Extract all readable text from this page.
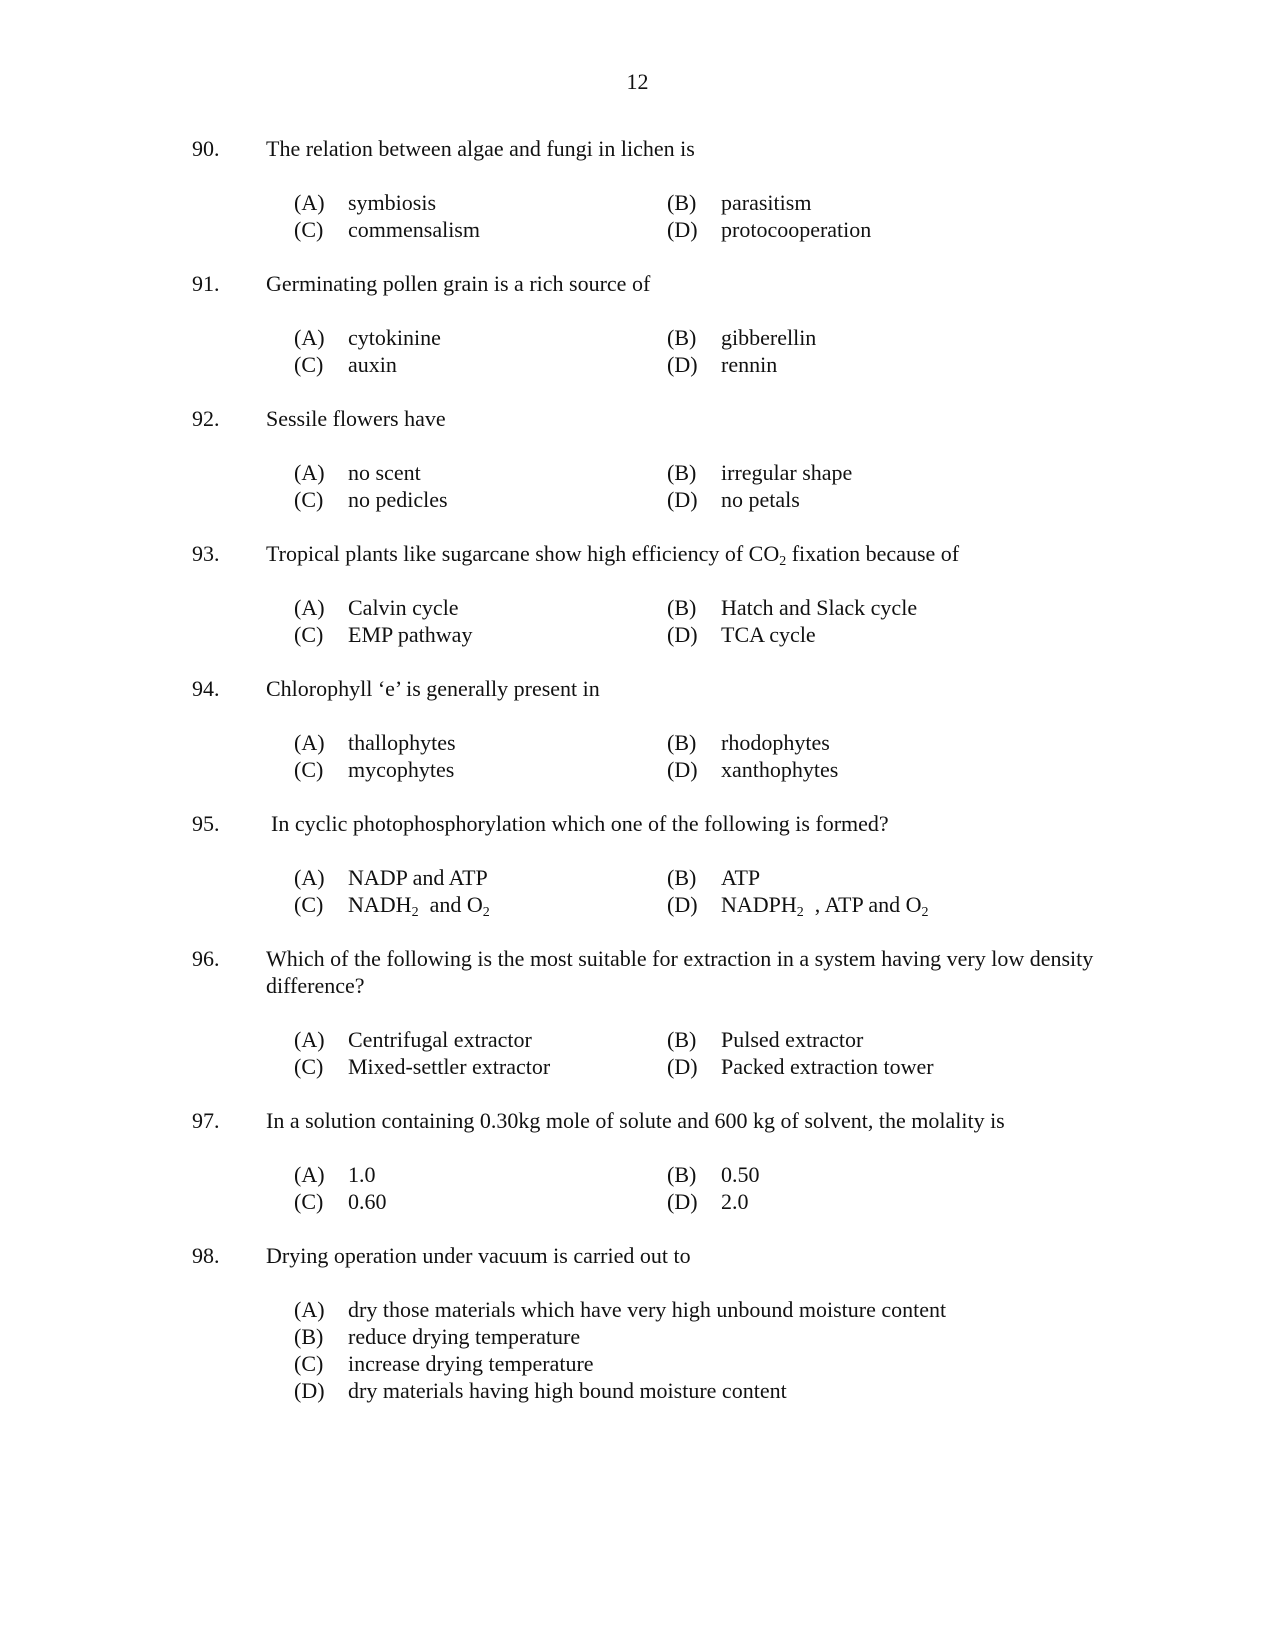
12
90. The relation between algae and fungi in lichen is
(A) symbiosis	(B) parasitism
(C) commensalism	(D) protocooperation
91. Germinating pollen grain is a rich source of
(A) cytokinine	(B) gibberellin
(C) auxin	(D) rennin
92. Sessile flowers have
(A) no scent	(B) irregular shape
(C) no pedicles	(D) no petals
93. Tropical plants like sugarcane show high efficiency of $CO_2$ fixation because of
(A) Calvin cycle	(B) Hatch and Slack cycle
(C) EMP pathway	(D) TCA cycle
94. Chlorophyll ‘e’ is generally present in
(A) thallophytes	(B) rhodophytes
(C) mycophytes	(D) xanthophytes
95. In cyclic photophosphorylation which one of the following is formed?
(A) NADP and ATP	(B) ATP
(C) $NADH_2$  and $O_2$	(D) $NADPH_2$  , ATP and $O_2$
96. Which of the following is the most suitable for extraction in a system having very low density difference?
(A) Centrifugal extractor	(B) Pulsed extractor
(C) Mixed-settler extractor	(D) Packed extraction tower
97. In a solution containing 0.30kg mole of solute and 600 kg of solvent, the molality is
(A) 1.0	(B) 0.50
(C) 0.60	(D) 2.0
98. Drying operation under vacuum is carried out to
(A) dry those materials which have very high unbound moisture content
(B) reduce drying temperature
(C) increase drying temperature
(D) dry materials having high bound moisture content
